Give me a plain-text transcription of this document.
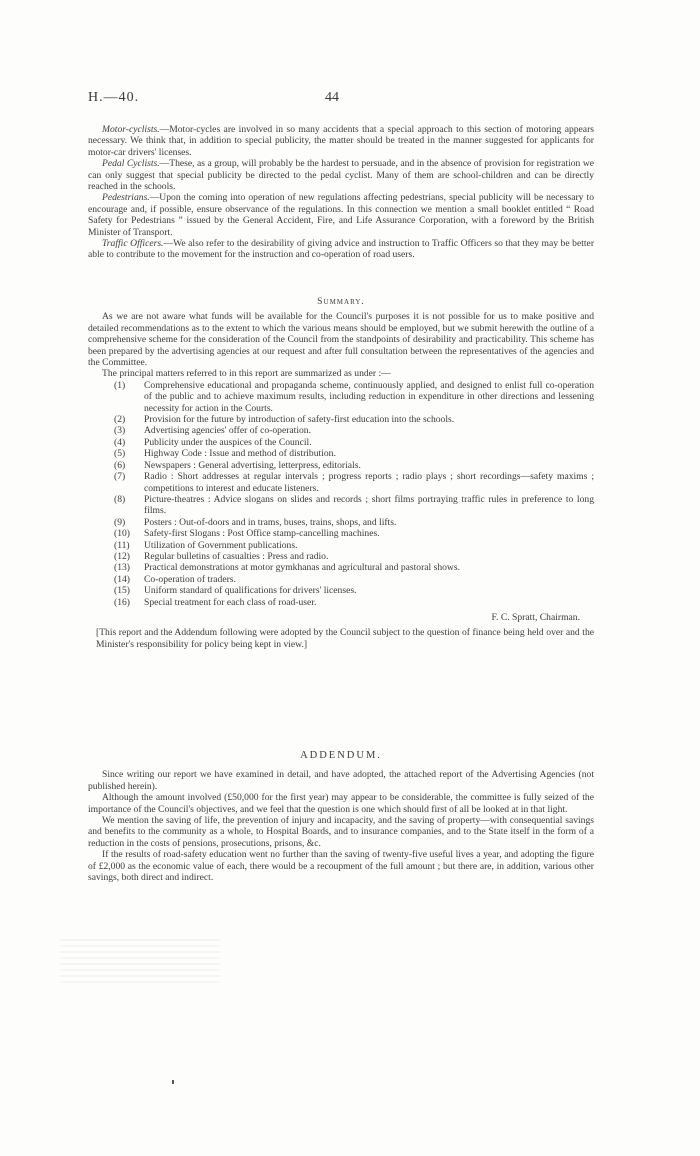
H.—40.	44

Motor-cyclists.—Motor-cycles are involved in so many accidents that a special approach to this section of motoring appears necessary. We think that, in addition to special publicity, the matter should be treated in the manner suggested for applicants for motor-car drivers' licenses.

Pedal Cyclists.—These, as a group, will probably be the hardest to persuade, and in the absence of provision for registration we can only suggest that special publicity be directed to the pedal cyclist. Many of them are school-children and can be directly reached in the schools.

Pedestrians.—Upon the coming into operation of new regulations affecting pedestrians, special publicity will be necessary to encourage and, if possible, ensure observance of the regulations. In this connection we mention a small booklet entitled “ Road Safety for Pedestrians ” issued by the General Accident, Fire, and Life Assurance Corporation, with a foreword by the British Minister of Transport.

Traffic Officers.—We also refer to the desirability of giving advice and instruction to Traffic Officers so that they may be better able to contribute to the movement for the instruction and co-operation of road users.

Summary.

As we are not aware what funds will be available for the Council's purposes it is not possible for us to make positive and detailed recommendations as to the extent to which the various means should be employed, but we submit herewith the outline of a comprehensive scheme for the consideration of the Council from the standpoints of desirability and practicability. This scheme has been prepared by the advertising agencies at our request and after full consultation between the representatives of the agencies and the Committee.

The principal matters referred to in this report are summarized as under :—

(1) Comprehensive educational and propaganda scheme, continuously applied, and designed to enlist full co-operation of the public and to achieve maximum results, including reduction in expenditure in other directions and lessening necessity for action in the Courts.
(2) Provision for the future by introduction of safety-first education into the schools.
(3) Advertising agencies' offer of co-operation.
(4) Publicity under the auspices of the Council.
(5) Highway Code : Issue and method of distribution.
(6) Newspapers : General advertising, letterpress, editorials.
(7) Radio : Short addresses at regular intervals ; progress reports ; radio plays ; short recordings—safety maxims ; competitions to interest and educate listeners.
(8) Picture-theatres : Advice slogans on slides and records ; short films portraying traffic rules in preference to long films.
(9) Posters : Out-of-doors and in trams, buses, trains, shops, and lifts.
(10) Safety-first Slogans : Post Office stamp-cancelling machines.
(11) Utilization of Government publications.
(12) Regular bulletins of casualties : Press and radio.
(13) Practical demonstrations at motor gymkhanas and agricultural and pastoral shows.
(14) Co-operation of traders.
(15) Uniform standard of qualifications for drivers' licenses.
(16) Special treatment for each class of road-user.

F. C. Spratt, Chairman.

[This report and the Addendum following were adopted by the Council subject to the question of finance being held over and the Minister's responsibility for policy being kept in view.]

ADDENDUM.

Since writing our report we have examined in detail, and have adopted, the attached report of the Advertising Agencies (not published herein).

Although the amount involved (£50,000 for the first year) may appear to be considerable, the committee is fully seized of the importance of the Council's objectives, and we feel that the question is one which should first of all be looked at in that light.

We mention the saving of life, the prevention of injury and incapacity, and the saving of property—with consequential savings and benefits to the community as a whole, to Hospital Boards, and to insurance companies, and to the State itself in the form of a reduction in the costs of pensions, prosecutions, prisons, &c.

If the results of road-safety education went no further than the saving of twenty-five useful lives a year, and adopting the figure of £2,000 as the economic value of each, there would be a recoupment of the full amount ; but there are, in addition, various other savings, both direct and indirect.
